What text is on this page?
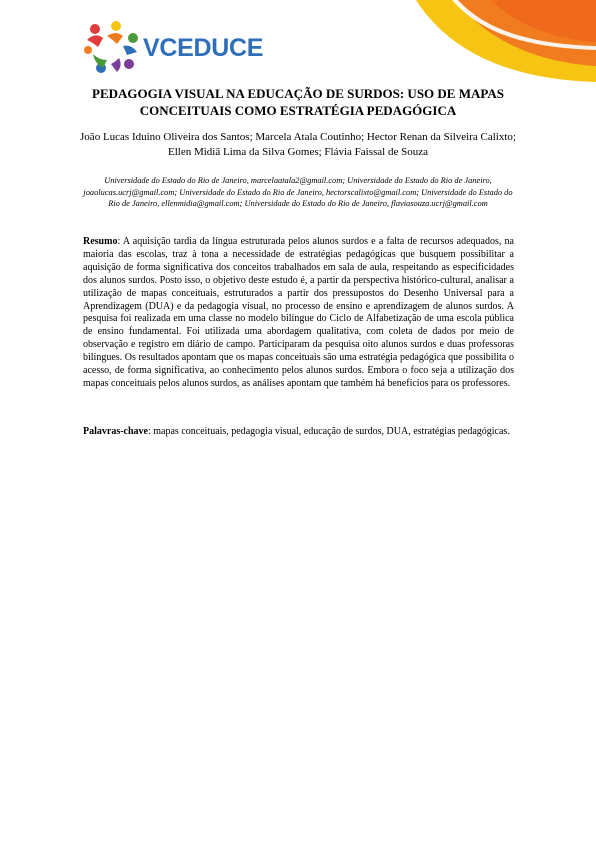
VCEDUCE
PEDAGOGIA VISUAL NA EDUCAÇÃO DE SURDOS: USO DE MAPAS CONCEITUAIS COMO ESTRATÉGIA PEDAGÓGICA
João Lucas Iduino Oliveira dos Santos; Marcela Atala Coutinho; Hector Renan da Silveira Calixto; Ellen Midiã Lima da Silva Gomes; Flávia Faissal de Souza
Universidade do Estado do Rio de Janeiro, marcelaatala2@gmail.com; Universidade do Estado do Rio de Janeiro, joaolucas.ucrj@gmail.com; Universidade do Estado do Rio de Janeiro, hectorscalixto@gmail.com; Universidade do Estado do Rio de Janeiro, ellenmidia@gmail.com; Universidade do Estado do Rio de Janeiro, flaviasouza.ucrj@gmail.com
Resumo: A aquisição tardia da língua estruturada pelos alunos surdos e a falta de recursos adequados, na maioria das escolas, traz à tona a necessidade de estratégias pedagógicas que busquem possibilitar a aquisição de forma significativa dos conceitos trabalhados em sala de aula, respeitando as especificidades dos alunos surdos. Posto isso, o objetivo deste estudo é, a partir da perspectiva histórico-cultural, analisar a utilização de mapas conceituais, estruturados a partir dos pressupostos do Desenho Universal para a Aprendizagem (DUA) e da pedagogia visual, no processo de ensino e aprendizagem de alunos surdos. A pesquisa foi realizada em uma classe no modelo bilíngue do Ciclo de Alfabetização de uma escola pública de ensino fundamental. Foi utilizada uma abordagem qualitativa, com coleta de dados por meio de observação e registro em diário de campo. Participaram da pesquisa oito alunos surdos e duas professoras bilíngues. Os resultados apontam que os mapas conceituais são uma estratégia pedagógica que possibilita o acesso, de forma significativa, ao conhecimento pelos alunos surdos. Embora o foco seja a utilização dos mapas conceituais pelos alunos surdos, as análises apontam que também há benefícios para os professores.
Palavras-chave: mapas conceituais, pedagogia visual, educação de surdos, DUA, estratégias pedagógicas.
